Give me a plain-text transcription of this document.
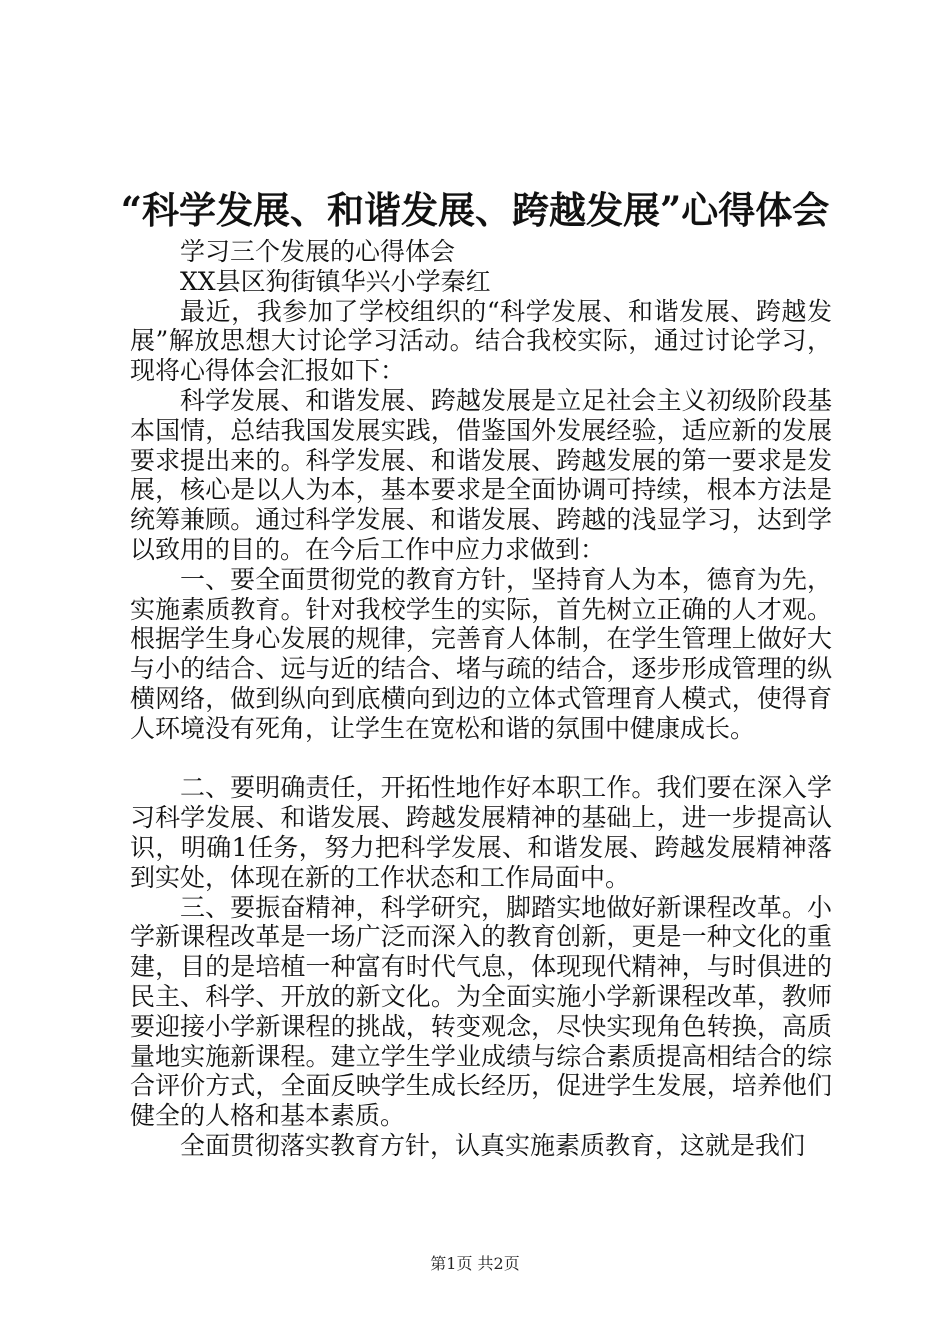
“科学发展、和谐发展、跨越发展”心得体会

学习三个发展的心得体会

XX县区狗街镇华兴小学秦红

最近，我参加了学校组织的“科学发展、和谐发展、跨越发展”解放思想大讨论学习活动。结合我校实际，通过讨论学习，现将心得体会汇报如下：

科学发展、和谐发展、跨越发展是立足社会主义初级阶段基本国情，总结我国发展实践，借鉴国外发展经验，适应新的发展要求提出来的。科学发展、和谐发展、跨越发展的第一要求是发展，核心是以人为本，基本要求是全面协调可持续，根本方法是统筹兼顾。通过科学发展、和谐发展、跨越的浅显学习，达到学以致用的目的。在今后工作中应力求做到：

一、要全面贯彻党的教育方针，坚持育人为本，德育为先，实施素质教育。针对我校学生的实际，首先树立正确的人才观。根据学生身心发展的规律，完善育人体制，在学生管理上做好大与小的结合、远与近的结合、堵与疏的结合，逐步形成管理的纵横网络，做到纵向到底横向到边的立体式管理育人模式，使得育人环境没有死角，让学生在宽松和谐的氛围中健康成长。

二、要明确责任，开拓性地作好本职工作。我们要在深入学习科学发展、和谐发展、跨越发展精神的基础上，进一步提高认识，明确1任务，努力把科学发展、和谐发展、跨越发展精神落到实处，体现在新的工作状态和工作局面中。

三、要振奋精神，科学研究，脚踏实地做好新课程改革。小学新课程改革是一场广泛而深入的教育创新，更是一种文化的重建，目的是培植一种富有时代气息，体现现代精神，与时俱进的民主、科学、开放的新文化。为全面实施小学新课程改革，教师要迎接小学新课程的挑战，转变观念，尽快实现角色转换，高质量地实施新课程。建立学生学业成绩与综合素质提高相结合的综合评价方式，全面反映学生成长经历，促进学生发展，培养他们健全的人格和基本素质。

全面贯彻落实教育方针，认真实施素质教育，这就是我们

第1页 共2页
